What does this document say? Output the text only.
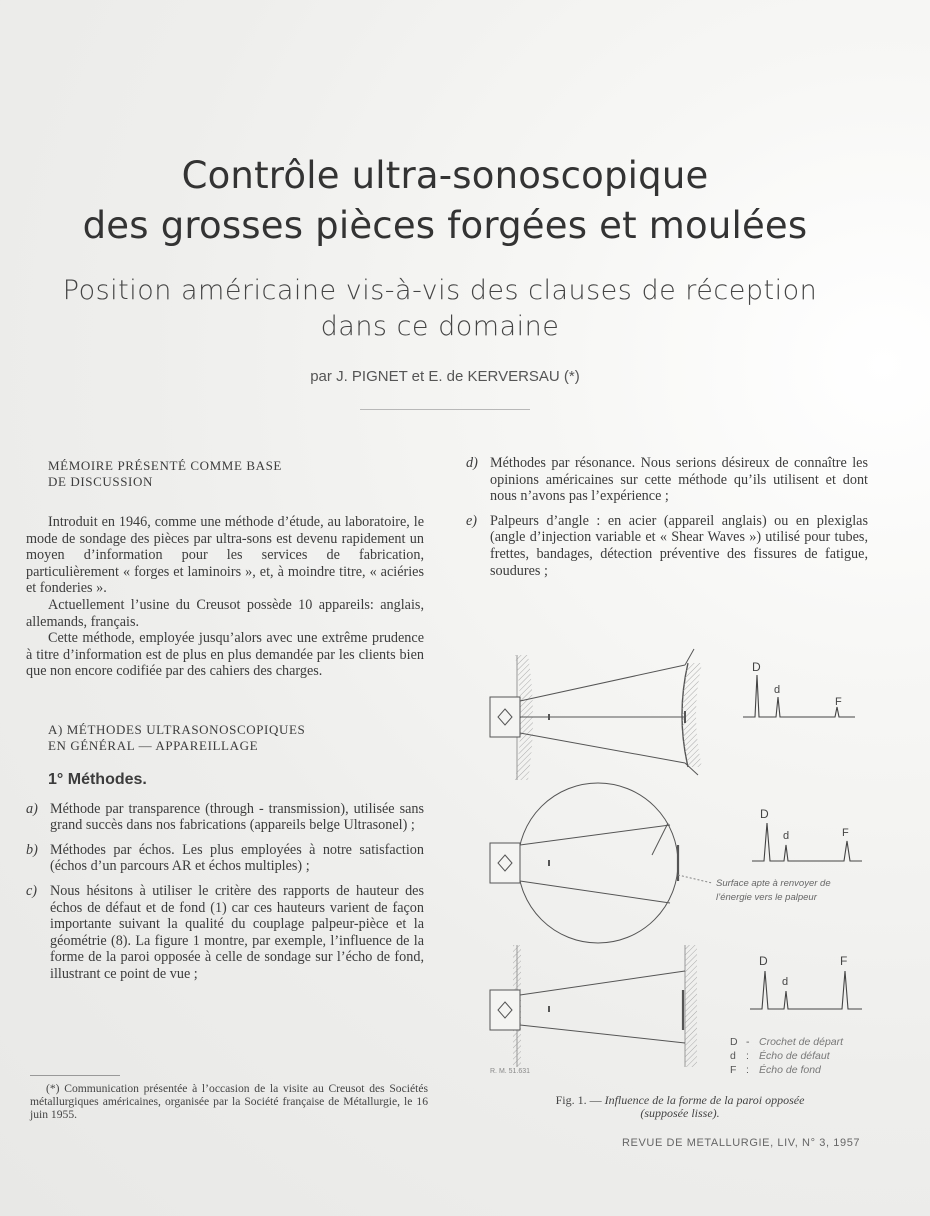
Contrôle ultra-sonoscopique
des grosses pièces forgées et moulées
Position américaine vis-à-vis des clauses de réception
dans ce domaine
par J. PIGNET et E. de KERVERSAU (*)

MÉMOIRE PRÉSENTÉ COMME BASE

DE DISCUSSION

Introduit en 1946, comme une méthode d’étude, au laboratoire, le mode de sondage des pièces par ultra-sons est devenu rapidement un moyen d’information pour les services de fabrication, particulièrement « forges et laminoirs », et, à moindre titre, « aciéries et fonderies ».

Actuellement l’usine du Creusot possède 10 appareils: anglais, allemands, français.

Cette méthode, employée jusqu’alors avec une extrême prudence à titre d’information est de plus en plus demandée par les clients bien que non encore codifiée par des cahiers des charges.

A) MÉTHODES ULTRASONOSCOPIQUES

EN GÉNÉRAL — APPAREILLAGE

1° Méthodes.

a) Méthode par transparence (through - transmission), utilisée sans grand succès dans nos fabrications (appareils belge Ultrasonel) ;
b) Méthodes par échos. Les plus employées à notre satisfaction (échos d’un parcours AR et échos multiples) ;
c) Nous hésitons à utiliser le critère des rapports de hauteur des échos de défaut et de fond (1) car ces hauteurs varient de façon importante suivant la qualité du couplage palpeur-pièce et la géométrie (8). La figure 1 montre, par exemple, l’influence de la forme de la paroi opposée à celle de sondage sur l’écho de fond, illustrant ce point de vue ;
(*) Communication présentée à l’occasion de la visite au Creusot des Sociétés métallurgiques américaines, organisée par la Société française de Métallurgie, le 16 juin 1955.
d) Méthodes par résonance. Nous serions désireux de connaître les opinions américaines sur cette méthode qu’ils utilisent et dont nous n’avons pas l’expérience ;
e) Palpeurs d’angle : en acier (appareil anglais) ou en plexiglas (angle d’injection variable et « Shear Waves ») utilisé pour tubes, frettes, bandages, détection préventive des fissures de fatigue, soudures ;
D
d
F
D
d	F
Surface apte à renvoyer de
l’énergie vers le palpeur
D
d
F
D - Crochet de départ
d : Écho de défaut
F : Écho de fond
R. M. 51.631
Fig. 1. — Influence de la forme de la paroi opposée
(supposée lisse).
REVUE DE METALLURGIE, LIV, N° 3, 1957
